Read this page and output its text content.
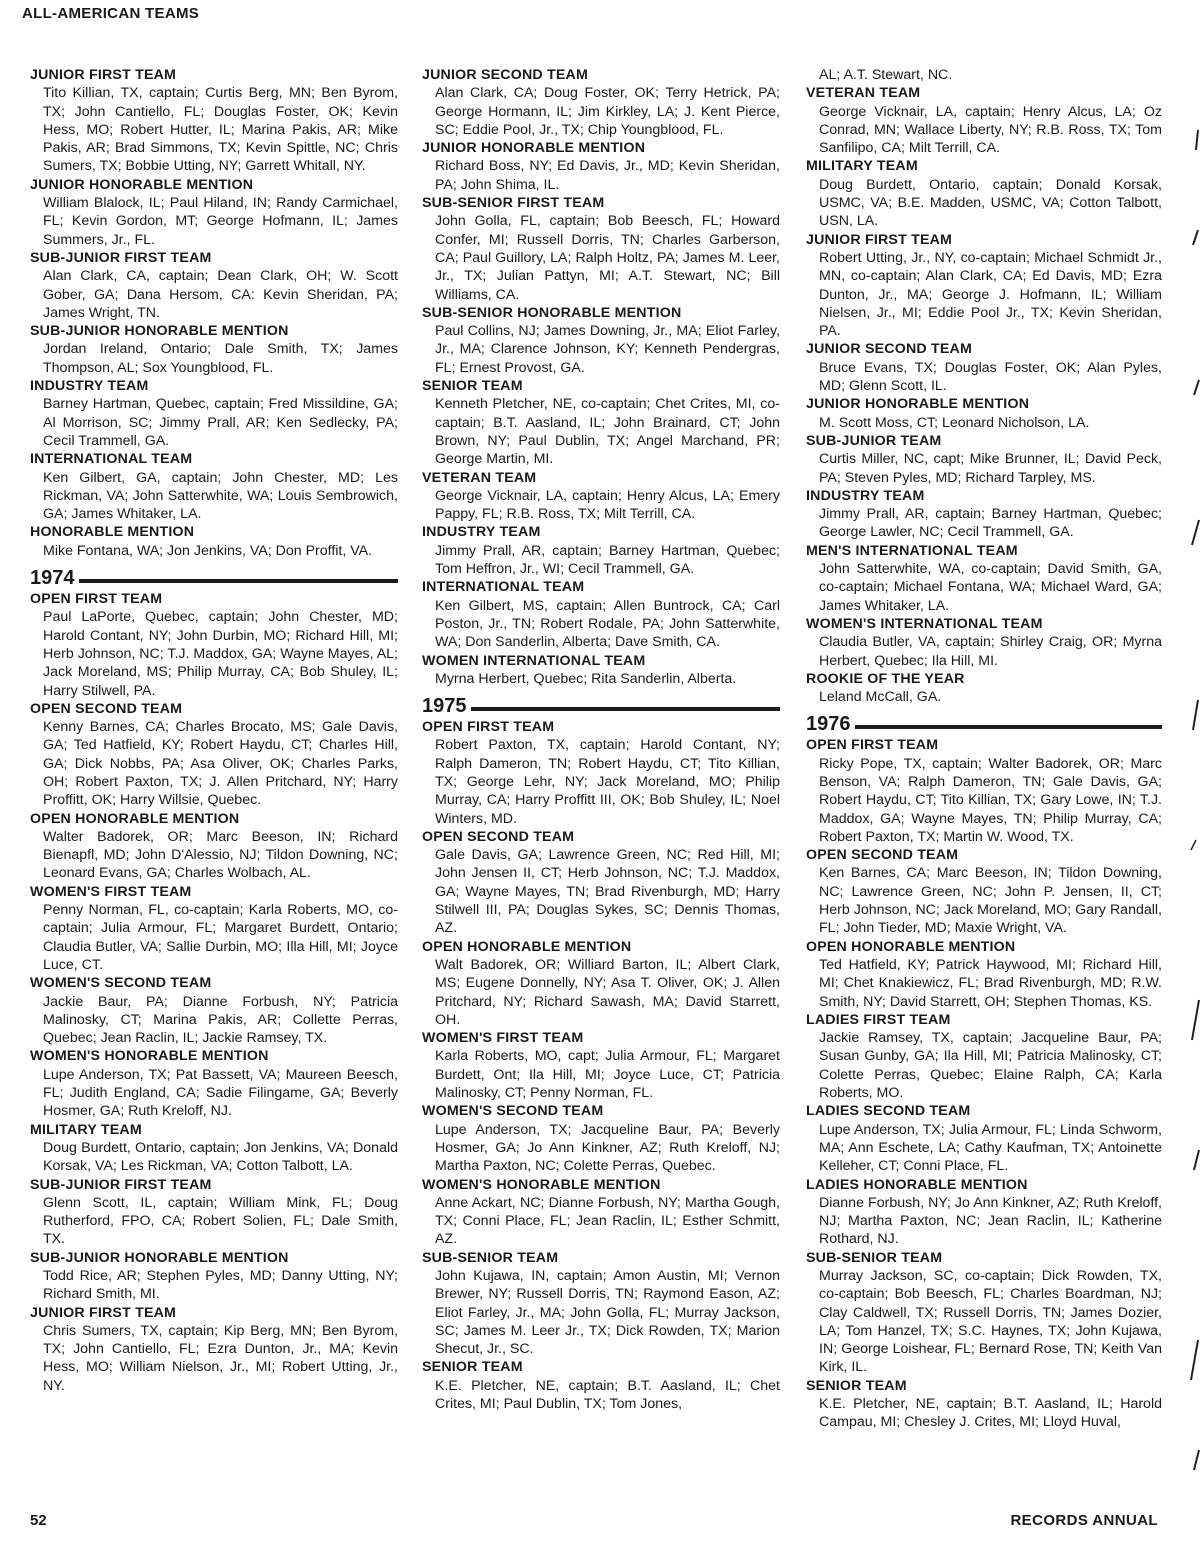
ALL-AMERICAN TEAMS
JUNIOR FIRST TEAM
Tito Killian, TX, captain; Curtis Berg, MN; Ben Byrom, TX; John Cantiello, FL; Douglas Foster, OK; Kevin Hess, MO; Robert Hutter, IL; Marina Pakis, AR; Mike Pakis, AR; Brad Simmons, TX; Kevin Spittle, NC; Chris Sumers, TX; Bobbie Utting, NY; Garrett Whitall, NY.
JUNIOR HONORABLE MENTION
William Blalock, IL; Paul Hiland, IN; Randy Carmichael, FL; Kevin Gordon, MT; George Hofmann, IL; James Summers, Jr., FL.
SUB-JUNIOR FIRST TEAM
Alan Clark, CA, captain; Dean Clark, OH; W. Scott Gober, GA; Dana Hersom, CA: Kevin Sheridan, PA; James Wright, TN.
SUB-JUNIOR HONORABLE MENTION
Jordan Ireland, Ontario; Dale Smith, TX; James Thompson, AL; Sox Youngblood, FL.
INDUSTRY TEAM
Barney Hartman, Quebec, captain; Fred Missildine, GA; Al Morrison, SC; Jimmy Prall, AR; Ken Sedlecky, PA; Cecil Trammell, GA.
INTERNATIONAL TEAM
Ken Gilbert, GA, captain; John Chester, MD; Les Rickman, VA; John Satterwhite, WA; Louis Sembrowich, GA; James Whitaker, LA.
HONORABLE MENTION
Mike Fontana, WA; Jon Jenkins, VA; Don Proffit, VA.
1974
OPEN FIRST TEAM
Paul LaPorte, Quebec, captain; John Chester, MD; Harold Contant, NY; John Durbin, MO; Richard Hill, MI; Herb Johnson, NC; T.J. Maddox, GA; Wayne Mayes, AL; Jack Moreland, MS; Philip Murray, CA; Bob Shuley, IL; Harry Stilwell, PA.
OPEN SECOND TEAM
Kenny Barnes, CA; Charles Brocato, MS; Gale Davis, GA; Ted Hatfield, KY; Robert Haydu, CT; Charles Hill, GA; Dick Nobbs, PA; Asa Oliver, OK; Charles Parks, OH; Robert Paxton, TX; J. Allen Pritchard, NY; Harry Proffitt, OK; Harry Willsie, Quebec.
OPEN HONORABLE MENTION
Walter Badorek, OR; Marc Beeson, IN; Richard Bienapfl, MD; John D'Alessio, NJ; Tildon Downing, NC; Leonard Evans, GA; Charles Wolbach, AL.
WOMEN'S FIRST TEAM
Penny Norman, FL, co-captain; Karla Roberts, MO, co-captain; Julia Armour, FL; Margaret Burdett, Ontario; Claudia Butler, VA; Sallie Durbin, MO; Illa Hill, MI; Joyce Luce, CT.
WOMEN'S SECOND TEAM
Jackie Baur, PA; Dianne Forbush, NY; Patricia Malinosky, CT; Marina Pakis, AR; Collette Perras, Quebec; Jean Raclin, IL; Jackie Ramsey, TX.
WOMEN'S HONORABLE MENTION
Lupe Anderson, TX; Pat Bassett, VA; Maureen Beesch, FL; Judith England, CA; Sadie Filingame, GA; Beverly Hosmer, GA; Ruth Kreloff, NJ.
MILITARY TEAM
Doug Burdett, Ontario, captain; Jon Jenkins, VA; Donald Korsak, VA; Les Rickman, VA; Cotton Talbott, LA.
SUB-JUNIOR FIRST TEAM
Glenn Scott, IL, captain; William Mink, FL; Doug Rutherford, FPO, CA; Robert Solien, FL; Dale Smith, TX.
SUB-JUNIOR HONORABLE MENTION
Todd Rice, AR; Stephen Pyles, MD; Danny Utting, NY; Richard Smith, MI.
JUNIOR FIRST TEAM
Chris Sumers, TX, captain; Kip Berg, MN; Ben Byrom, TX; John Cantiello, FL; Ezra Dunton, Jr., MA; Kevin Hess, MO; William Nielson, Jr., MI; Robert Utting, Jr., NY.
JUNIOR SECOND TEAM
Alan Clark, CA; Doug Foster, OK; Terry Hetrick, PA; George Hormann, IL; Jim Kirkley, LA; J. Kent Pierce, SC; Eddie Pool, Jr., TX; Chip Youngblood, FL.
JUNIOR HONORABLE MENTION
Richard Boss, NY; Ed Davis, Jr., MD; Kevin Sheridan, PA; John Shima, IL.
SUB-SENIOR FIRST TEAM
John Golla, FL, captain; Bob Beesch, FL; Howard Confer, MI; Russell Dorris, TN; Charles Garberson, CA; Paul Guillory, LA; Ralph Holtz, PA; James M. Leer, Jr., TX; Julian Pattyn, MI; A.T. Stewart, NC; Bill Williams, CA.
SUB-SENIOR HONORABLE MENTION
Paul Collins, NJ; James Downing, Jr., MA; Eliot Farley, Jr., MA; Clarence Johnson, KY; Kenneth Pendergras, FL; Ernest Provost, GA.
SENIOR TEAM
Kenneth Pletcher, NE, co-captain; Chet Crites, MI, co-captain; B.T. Aasland, IL; John Brainard, CT; John Brown, NY; Paul Dublin, TX; Angel Marchand, PR; George Martin, MI.
VETERAN TEAM
George Vicknair, LA, captain; Henry Alcus, LA; Emery Pappy, FL; R.B. Ross, TX; Milt Terrill, CA.
INDUSTRY TEAM
Jimmy Prall, AR, captain; Barney Hartman, Quebec; Tom Heffron, Jr., WI; Cecil Trammell, GA.
INTERNATIONAL TEAM
Ken Gilbert, MS, captain; Allen Buntrock, CA; Carl Poston, Jr., TN; Robert Rodale, PA; John Satterwhite, WA; Don Sanderlin, Alberta; Dave Smith, CA.
WOMEN INTERNATIONAL TEAM
Myrna Herbert, Quebec; Rita Sanderlin, Alberta.
1975
OPEN FIRST TEAM
Robert Paxton, TX, captain; Harold Contant, NY; Ralph Dameron, TN; Robert Haydu, CT; Tito Killian, TX; George Lehr, NY; Jack Moreland, MO; Philip Murray, CA; Harry Proffitt III, OK; Bob Shuley, IL; Noel Winters, MD.
OPEN SECOND TEAM
Gale Davis, GA; Lawrence Green, NC; Red Hill, MI; John Jensen II, CT; Herb Johnson, NC; T.J. Maddox, GA; Wayne Mayes, TN; Brad Rivenburgh, MD; Harry Stilwell III, PA; Douglas Sykes, SC; Dennis Thomas, AZ.
OPEN HONORABLE MENTION
Walt Badorek, OR; Williard Barton, IL; Albert Clark, MS; Eugene Donnelly, NY; Asa T. Oliver, OK; J. Allen Pritchard, NY; Richard Sawash, MA; David Starrett, OH.
WOMEN'S FIRST TEAM
Karla Roberts, MO, capt; Julia Armour, FL; Margaret Burdett, Ont; Ila Hill, MI; Joyce Luce, CT; Patricia Malinosky, CT; Penny Norman, FL.
WOMEN'S SECOND TEAM
Lupe Anderson, TX; Jacqueline Baur, PA; Beverly Hosmer, GA; Jo Ann Kinkner, AZ; Ruth Kreloff, NJ; Martha Paxton, NC; Colette Perras, Quebec.
WOMEN'S HONORABLE MENTION
Anne Ackart, NC; Dianne Forbush, NY; Martha Gough, TX; Conni Place, FL; Jean Raclin, IL; Esther Schmitt, AZ.
SUB-SENIOR TEAM
John Kujawa, IN, captain; Amon Austin, MI; Vernon Brewer, NY; Russell Dorris, TN; Raymond Eason, AZ; Eliot Farley, Jr., MA; John Golla, FL; Murray Jackson, SC; James M. Leer Jr., TX; Dick Rowden, TX; Marion Shecut, Jr., SC.
SENIOR TEAM
K.E. Pletcher, NE, captain; B.T. Aasland, IL; Chet Crites, MI; Paul Dublin, TX; Tom Jones,
AL; A.T. Stewart, NC.
VETERAN TEAM
George Vicknair, LA, captain; Henry Alcus, LA; Oz Conrad, MN; Wallace Liberty, NY; R.B. Ross, TX; Tom Sanfilipo, CA; Milt Terrill, CA.
MILITARY TEAM
Doug Burdett, Ontario, captain; Donald Korsak, USMC, VA; B.E. Madden, USMC, VA; Cotton Talbott, USN, LA.
JUNIOR FIRST TEAM
Robert Utting, Jr., NY, co-captain; Michael Schmidt Jr., MN, co-captain; Alan Clark, CA; Ed Davis, MD; Ezra Dunton, Jr., MA; George J. Hofmann, IL; William Nielsen, Jr., MI; Eddie Pool Jr., TX; Kevin Sheridan, PA.
JUNIOR SECOND TEAM
Bruce Evans, TX; Douglas Foster, OK; Alan Pyles, MD; Glenn Scott, IL.
JUNIOR HONORABLE MENTION
M. Scott Moss, CT; Leonard Nicholson, LA.
SUB-JUNIOR TEAM
Curtis Miller, NC, capt; Mike Brunner, IL; David Peck, PA; Steven Pyles, MD; Richard Tarpley, MS.
INDUSTRY TEAM
Jimmy Prall, AR, captain; Barney Hartman, Quebec; George Lawler, NC; Cecil Trammell, GA.
MEN'S INTERNATIONAL TEAM
John Satterwhite, WA, co-captain; David Smith, GA, co-captain; Michael Fontana, WA; Michael Ward, GA; James Whitaker, LA.
WOMEN'S INTERNATIONAL TEAM
Claudia Butler, VA, captain; Shirley Craig, OR; Myrna Herbert, Quebec; Ila Hill, MI.
ROOKIE OF THE YEAR
Leland McCall, GA.
1976
OPEN FIRST TEAM
Ricky Pope, TX, captain; Walter Badorek, OR; Marc Benson, VA; Ralph Dameron, TN; Gale Davis, GA; Robert Haydu, CT; Tito Killian, TX; Gary Lowe, IN; T.J. Maddox, GA; Wayne Mayes, TN; Philip Murray, CA; Robert Paxton, TX; Martin W. Wood, TX.
OPEN SECOND TEAM
Ken Barnes, CA; Marc Beeson, IN; Tildon Downing, NC; Lawrence Green, NC; John P. Jensen, II, CT; Herb Johnson, NC; Jack Moreland, MO; Gary Randall, FL; John Tieder, MD; Maxie Wright, VA.
OPEN HONORABLE MENTION
Ted Hatfield, KY; Patrick Haywood, MI; Richard Hill, MI; Chet Knakiewicz, FL; Brad Rivenburgh, MD; R.W. Smith, NY; David Starrett, OH; Stephen Thomas, KS.
LADIES FIRST TEAM
Jackie Ramsey, TX, captain; Jacqueline Baur, PA; Susan Gunby, GA; Ila Hill, MI; Patricia Malinosky, CT; Colette Perras, Quebec; Elaine Ralph, CA; Karla Roberts, MO.
LADIES SECOND TEAM
Lupe Anderson, TX; Julia Armour, FL; Linda Schworm, MA; Ann Eschete, LA; Cathy Kaufman, TX; Antoinette Kelleher, CT; Conni Place, FL.
LADIES HONORABLE MENTION
Dianne Forbush, NY; Jo Ann Kinkner, AZ; Ruth Kreloff, NJ; Martha Paxton, NC; Jean Raclin, IL; Katherine Rothard, NJ.
SUB-SENIOR TEAM
Murray Jackson, SC, co-captain; Dick Rowden, TX, co-captain; Bob Beesch, FL; Charles Boardman, NJ; Clay Caldwell, TX; Russell Dorris, TN; James Dozier, LA; Tom Hanzel, TX; S.C. Haynes, TX; John Kujawa, IN; George Loishear, FL; Bernard Rose, TN; Keith Van Kirk, IL.
SENIOR TEAM
K.E. Pletcher, NE, captain; B.T. Aasland, IL; Harold Campau, MI; Chesley J. Crites, MI; Lloyd Huval,
52	RECORDS ANNUAL
